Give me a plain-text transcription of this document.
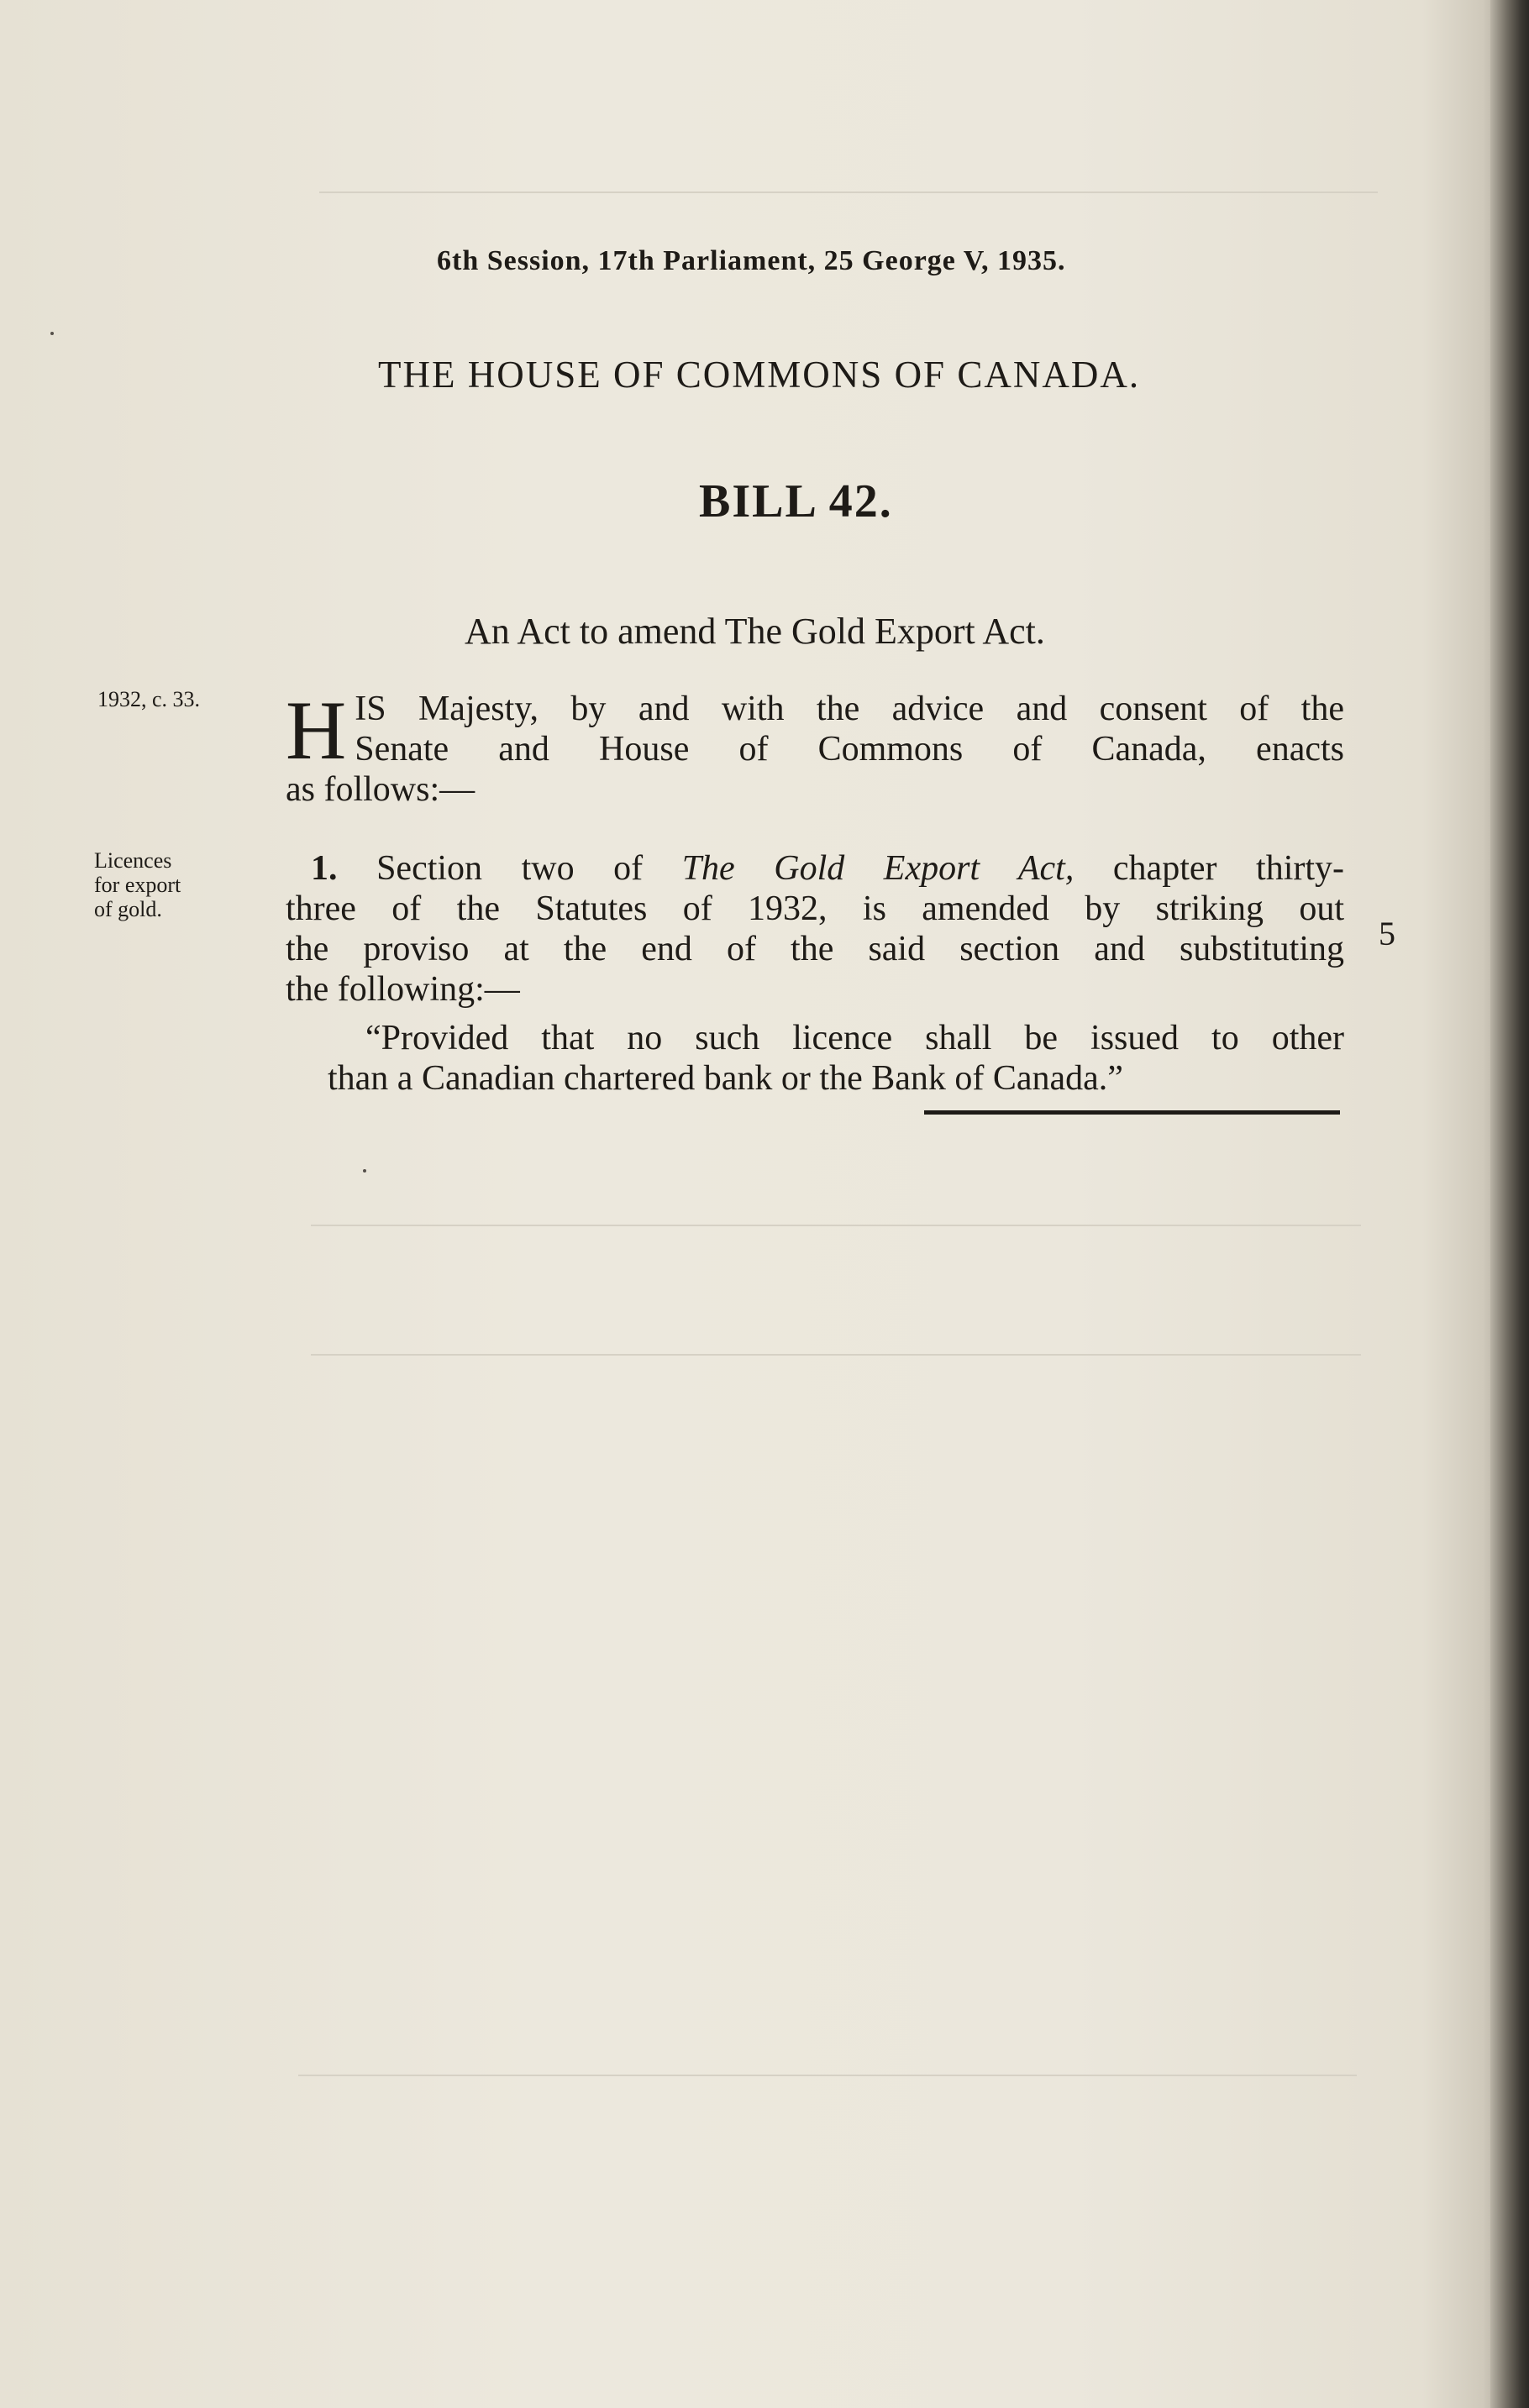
6th Session, 17th Parliament, 25 George V, 1935.
THE HOUSE OF COMMONS OF CANADA.
BILL 42.
An Act to amend The Gold Export Act.
1932, c. 33.
Licences
for export
of gold.
H IS Majesty, by and with the advice and consent of the
Senate and House of Commons of Canada, enacts
as follows:—
1. Section two of The Gold Export Act, chapter thirty-
three of the Statutes of 1932, is amended by striking out
the proviso at the end of the said section and substituting
the following:—
“Provided that no such licence shall be issued to other
than a Canadian chartered bank or the Bank of Canada.”
5
